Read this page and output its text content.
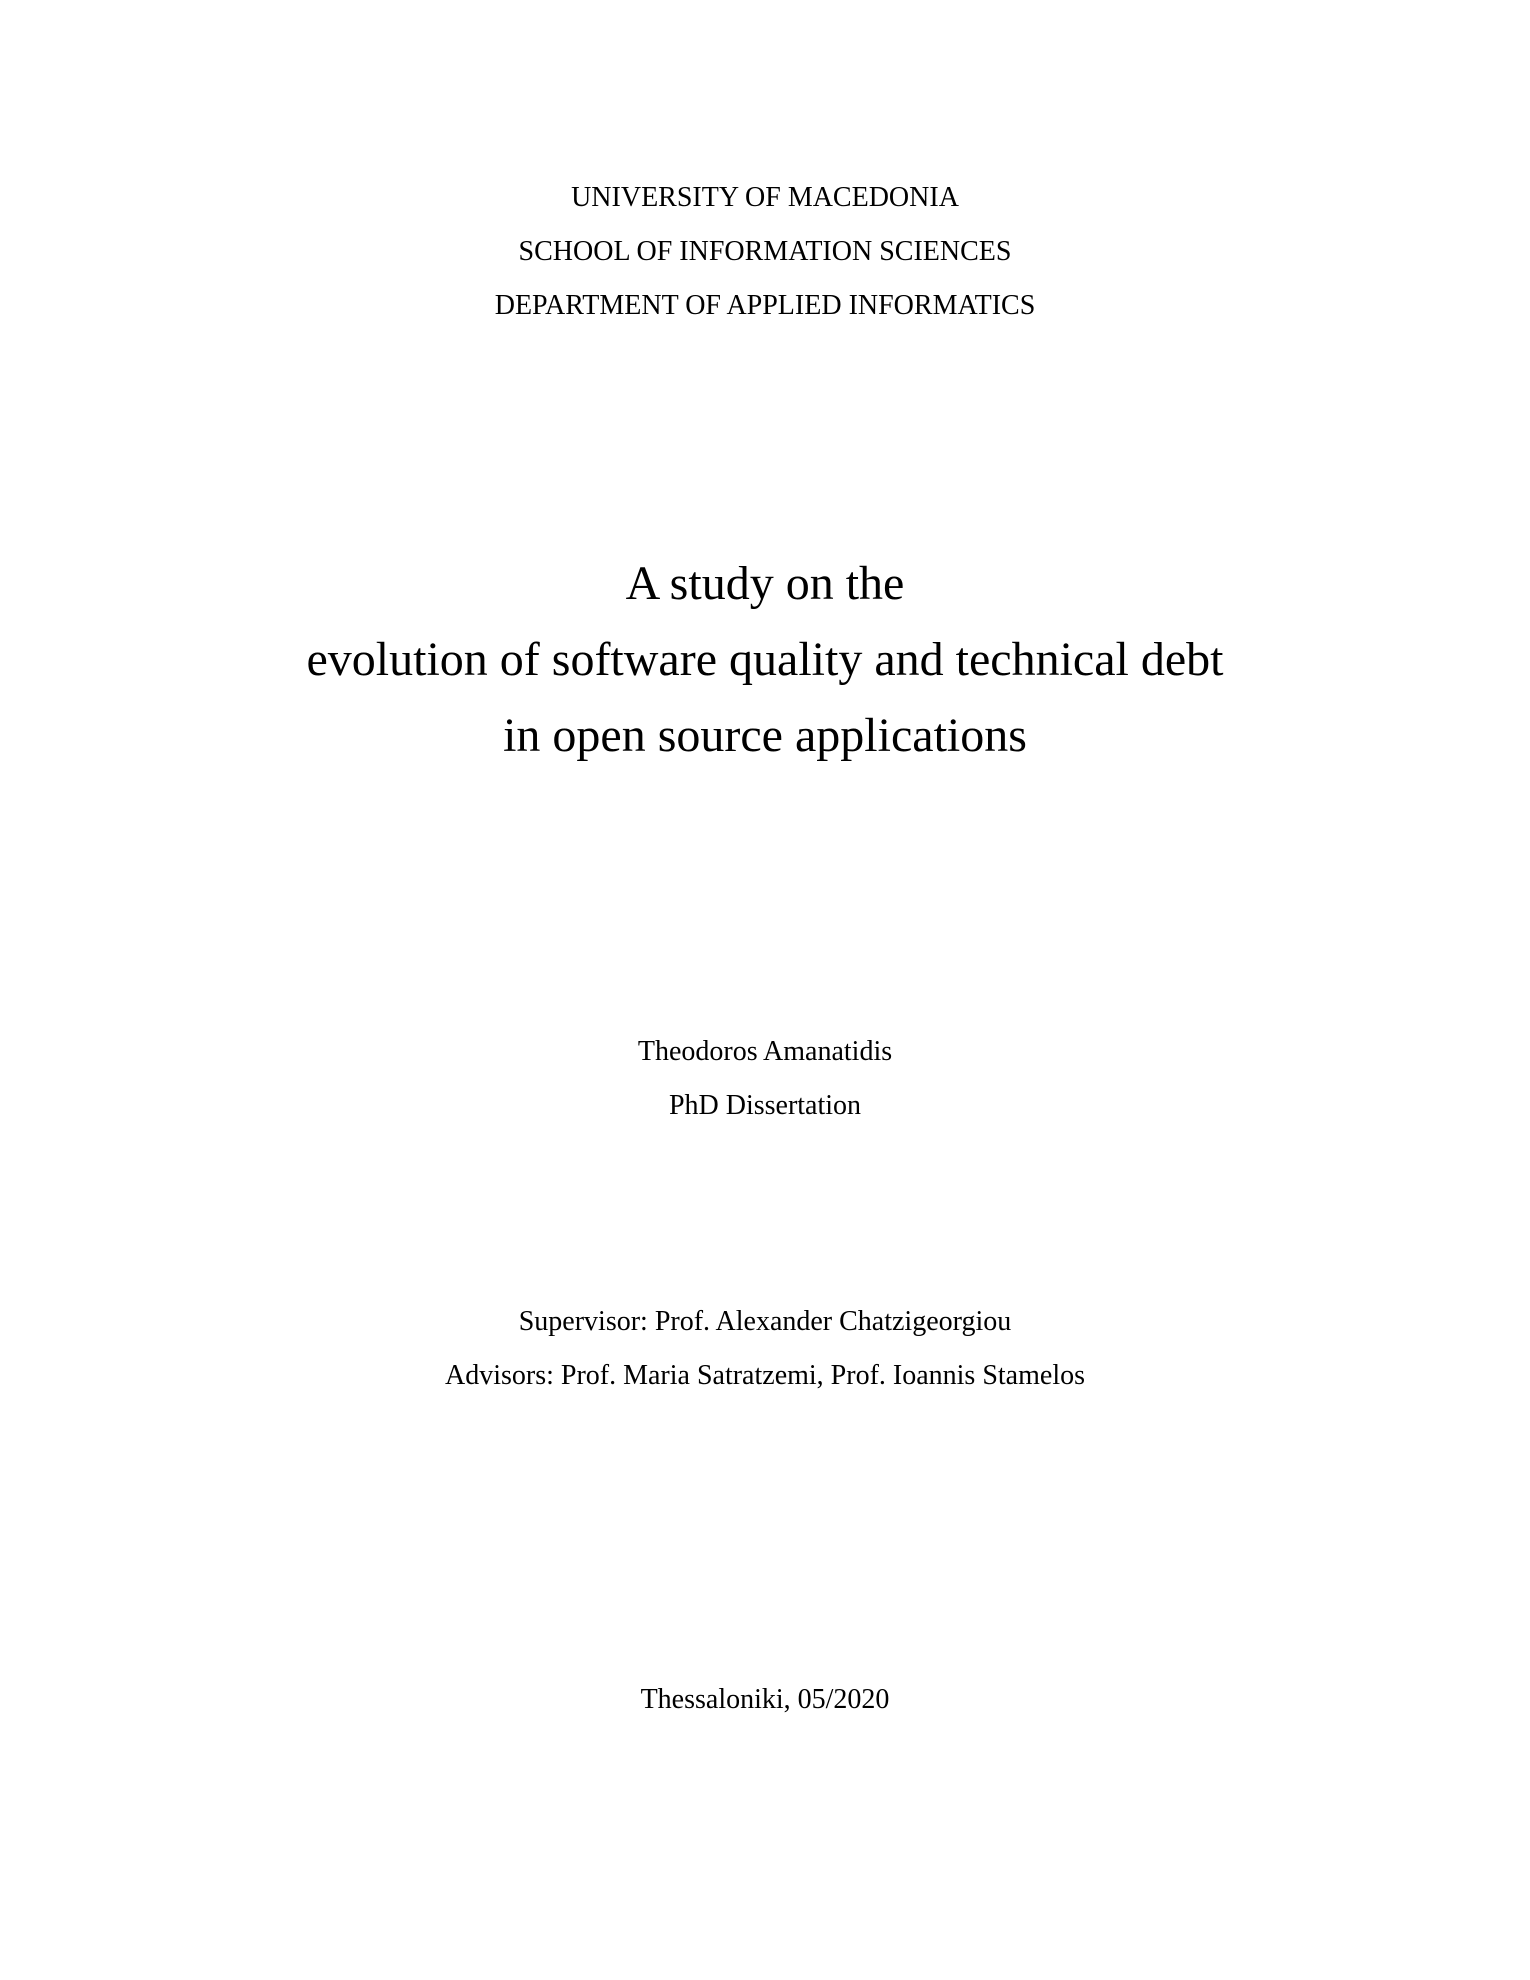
UNIVERSITY OF MACEDONIA
SCHOOL OF INFORMATION SCIENCES
DEPARTMENT OF APPLIED INFORMATICS
A study on the
evolution of software quality and technical debt
in open source applications
Theodoros Amanatidis
PhD Dissertation
Supervisor: Prof. Alexander Chatzigeorgiou
Advisors: Prof. Maria Satratzemi, Prof. Ioannis Stamelos
Thessaloniki, 05/2020
